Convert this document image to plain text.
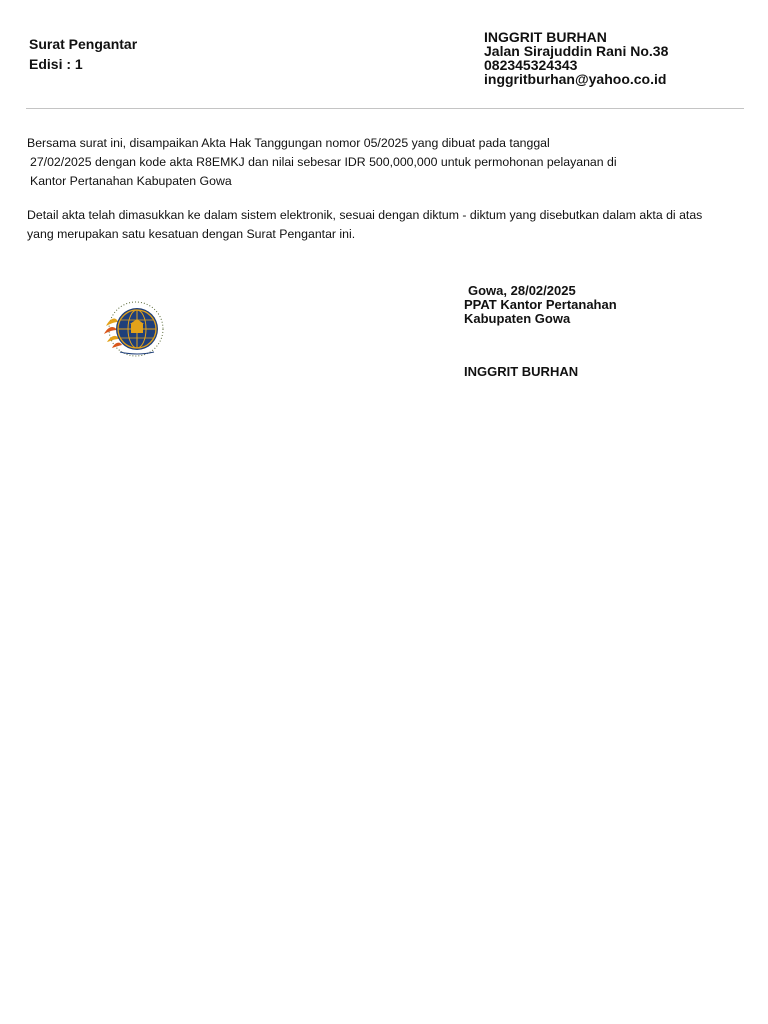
Surat Pengantar
Edisi : 1
INGGRIT BURHAN
Jalan Sirajuddin Rani No.38
082345324343
inggritburhan@yahoo.co.id
Bersama surat ini, disampaikan Akta Hak Tanggungan nomor 05/2025 yang dibuat pada tanggal
27/02/2025 dengan kode akta R8EMKJ dan nilai sebesar IDR 500,000,000 untuk permohonan pelayanan di
Kantor Pertanahan Kabupaten Gowa
Detail akta telah dimasukkan ke dalam sistem elektronik, sesuai dengan diktum - diktum yang disebutkan dalam akta di atas
yang merupakan satu kesatuan dengan Surat Pengantar ini.
Gowa, 28/02/2025
PPAT Kantor Pertanahan
Kabupaten Gowa
INGGRIT BURHAN
